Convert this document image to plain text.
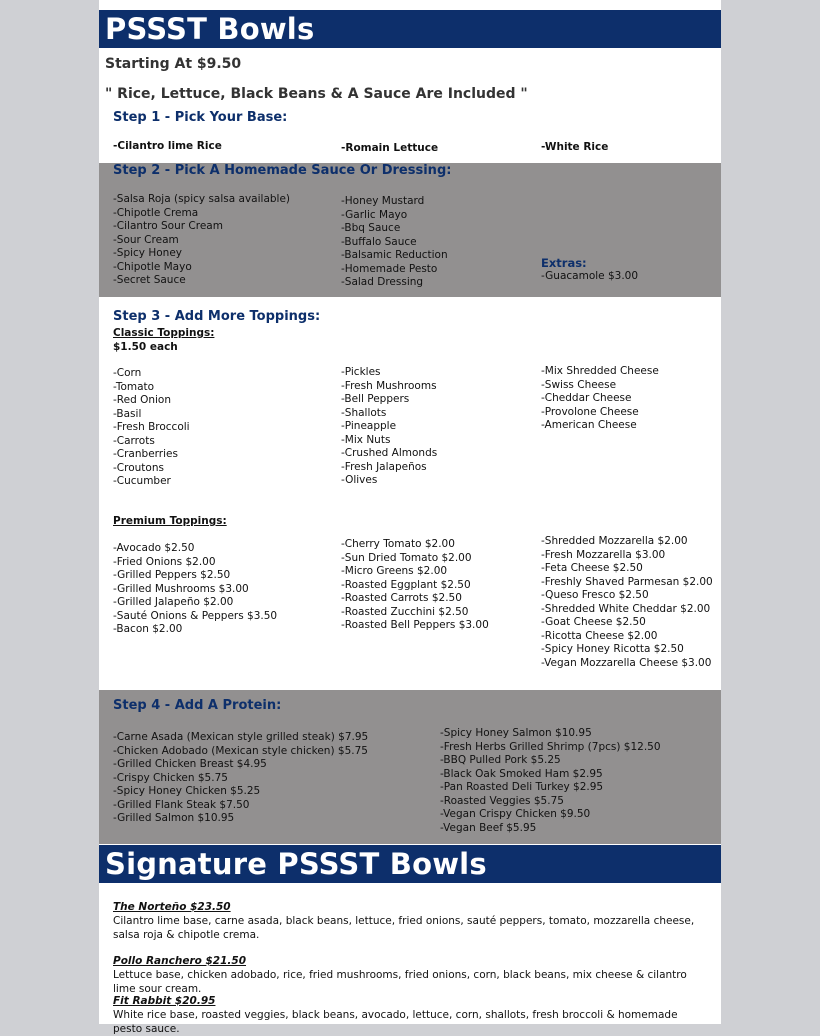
PSSST Bowls
Starting At $9.50
" Rice, Lettuce, Black Beans & A Sauce Are Included "
Step 1 - Pick Your Base:
-Cilantro lime Rice	-Romain Lettuce	-White Rice
Step 2 - Pick A Homemade Sauce Or Dressing:
-Salsa Roja (spicy salsa available)
-Chipotle Crema
-Cilantro Sour Cream
-Sour Cream
-Spicy Honey
-Chipotle Mayo
-Secret Sauce
-Honey Mustard
-Garlic Mayo
-Bbq Sauce
-Buffalo Sauce
-Balsamic Reduction
-Homemade Pesto
-Salad Dressing
Extras:
-Guacamole $3.00
Step 3 - Add More Toppings:
Classic Toppings:
$1.50 each
-Corn
-Tomato
-Red Onion
-Basil
-Fresh Broccoli
-Carrots
-Cranberries
-Croutons
-Cucumber
-Pickles
-Fresh Mushrooms
-Bell Peppers
-Shallots
-Pineapple
-Mix Nuts
-Crushed Almonds
-Fresh Jalapeños
-Olives
-Mix Shredded Cheese
-Swiss Cheese
-Cheddar Cheese
-Provolone Cheese
-American Cheese
Premium Toppings:
-Avocado $2.50
-Fried Onions $2.00
-Grilled Peppers $2.50
-Grilled Mushrooms $3.00
-Grilled Jalapeño $2.00
-Sauté Onions & Peppers $3.50
-Bacon $2.00
-Cherry Tomato $2.00
-Sun Dried Tomato $2.00
-Micro Greens $2.00
-Roasted Eggplant $2.50
-Roasted Carrots $2.50
-Roasted Zucchini $2.50
-Roasted Bell Peppers $3.00
-Shredded Mozzarella $2.00
-Fresh Mozzarella $3.00
-Feta Cheese $2.50
-Freshly Shaved Parmesan $2.00
-Queso Fresco $2.50
-Shredded White Cheddar $2.00
-Goat Cheese $2.50
-Ricotta Cheese $2.00
-Spicy Honey Ricotta $2.50
-Vegan Mozzarella Cheese $3.00
Step 4 - Add A Protein:
-Carne Asada (Mexican style grilled steak) $7.95
-Chicken Adobado (Mexican style chicken) $5.75
-Grilled Chicken Breast $4.95
-Crispy Chicken $5.75
-Spicy Honey Chicken $5.25
-Grilled Flank Steak $7.50
-Grilled Salmon $10.95
-Spicy Honey Salmon $10.95
-Fresh Herbs Grilled Shrimp (7pcs) $12.50
-BBQ Pulled Pork $5.25
-Black Oak Smoked Ham $2.95
-Pan Roasted Deli Turkey $2.95
-Roasted Veggies $5.75
-Vegan Crispy Chicken $9.50
-Vegan Beef $5.95
Signature PSSST Bowls
The Norteño $23.50
Cilantro lime base, carne asada, black beans, lettuce, fried onions, sauté peppers, tomato, mozzarella cheese, salsa roja & chipotle crema.
Pollo Ranchero $21.50
Lettuce base, chicken adobado, rice, fried mushrooms, fried onions, corn, black beans, mix cheese & cilantro lime sour cream.
Fit Rabbit $20.95
White rice base, roasted veggies, black beans, avocado, lettuce, corn, shallots, fresh broccoli & homemade pesto sauce.
